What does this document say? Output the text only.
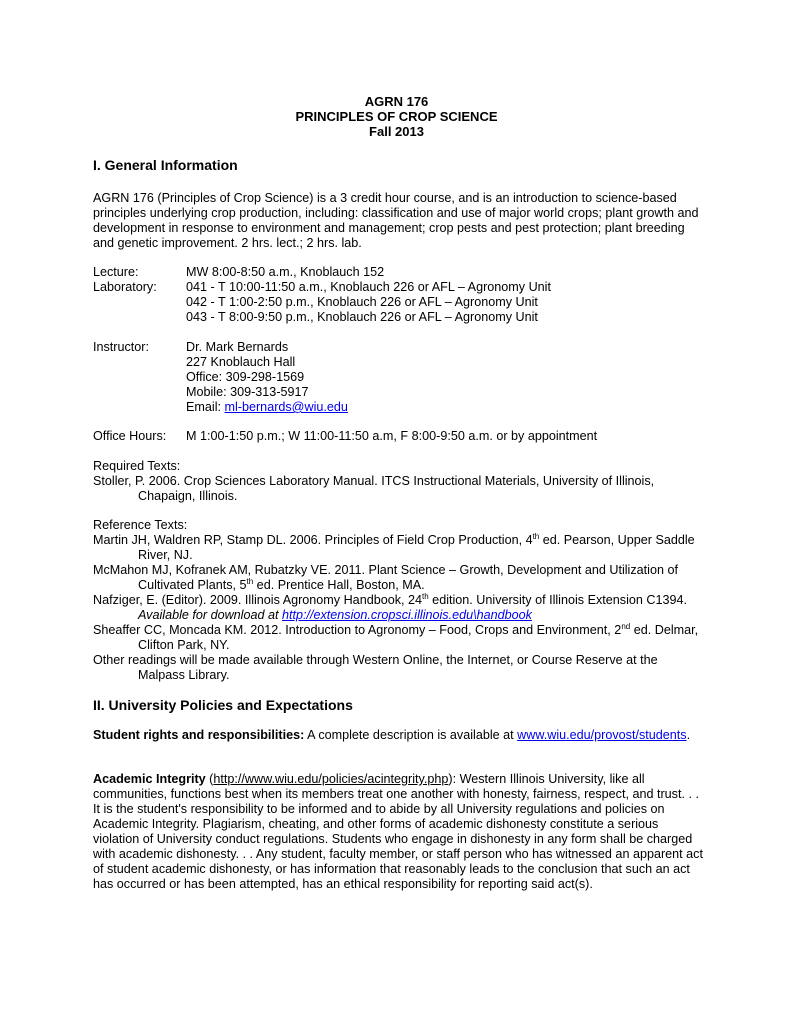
AGRN 176
PRINCIPLES OF CROP SCIENCE
Fall 2013
I. General Information
AGRN 176 (Principles of Crop Science) is a 3 credit hour course, and is an introduction to science-based principles underlying crop production, including: classification and use of major world crops; plant growth and development in response to environment and management; crop pests and pest protection; plant breeding and genetic improvement. 2 hrs. lect.; 2 hrs. lab.
Lecture:	MW 8:00-8:50 a.m., Knoblauch 152
Laboratory: 041 - T 10:00-11:50 a.m., Knoblauch 226 or AFL – Agronomy Unit
042 - T 1:00-2:50 p.m., Knoblauch 226 or AFL – Agronomy Unit
043 - T 8:00-9:50 p.m., Knoblauch 226 or AFL – Agronomy Unit
Instructor:	Dr. Mark Bernards
227 Knoblauch Hall
Office: 309-298-1569
Mobile: 309-313-5917
Email: ml-bernards@wiu.edu
Office Hours: M 1:00-1:50 p.m.; W 11:00-11:50 a.m, F 8:00-9:50 a.m. or by appointment
Required Texts:
Stoller, P. 2006. Crop Sciences Laboratory Manual. ITCS Instructional Materials, University of Illinois, Chapaign, Illinois.
Reference Texts:
Martin JH, Waldren RP, Stamp DL. 2006. Principles of Field Crop Production, 4th ed. Pearson, Upper Saddle River, NJ.
McMahon MJ, Kofranek AM, Rubatzky VE. 2011. Plant Science – Growth, Development and Utilization of Cultivated Plants, 5th ed. Prentice Hall, Boston, MA.
Nafziger, E. (Editor). 2009. Illinois Agronomy Handbook, 24th edition. University of Illinois Extension C1394. Available for download at http://extension.cropsci.illinois.edu\handbook
Sheaffer CC, Moncada KM. 2012. Introduction to Agronomy – Food, Crops and Environment, 2nd ed. Delmar, Clifton Park, NY.
Other readings will be made available through Western Online, the Internet, or Course Reserve at the Malpass Library.
II. University Policies and Expectations
Student rights and responsibilities: A complete description is available at www.wiu.edu/provost/students.
Academic Integrity (http://www.wiu.edu/policies/acintegrity.php): Western Illinois University, like all communities, functions best when its members treat one another with honesty, fairness, respect, and trust. . . It is the student's responsibility to be informed and to abide by all University regulations and policies on Academic Integrity. Plagiarism, cheating, and other forms of academic dishonesty constitute a serious violation of University conduct regulations. Students who engage in dishonesty in any form shall be charged with academic dishonesty. . . Any student, faculty member, or staff person who has witnessed an apparent act of student academic dishonesty, or has information that reasonably leads to the conclusion that such an act has occurred or has been attempted, has an ethical responsibility for reporting said act(s).
